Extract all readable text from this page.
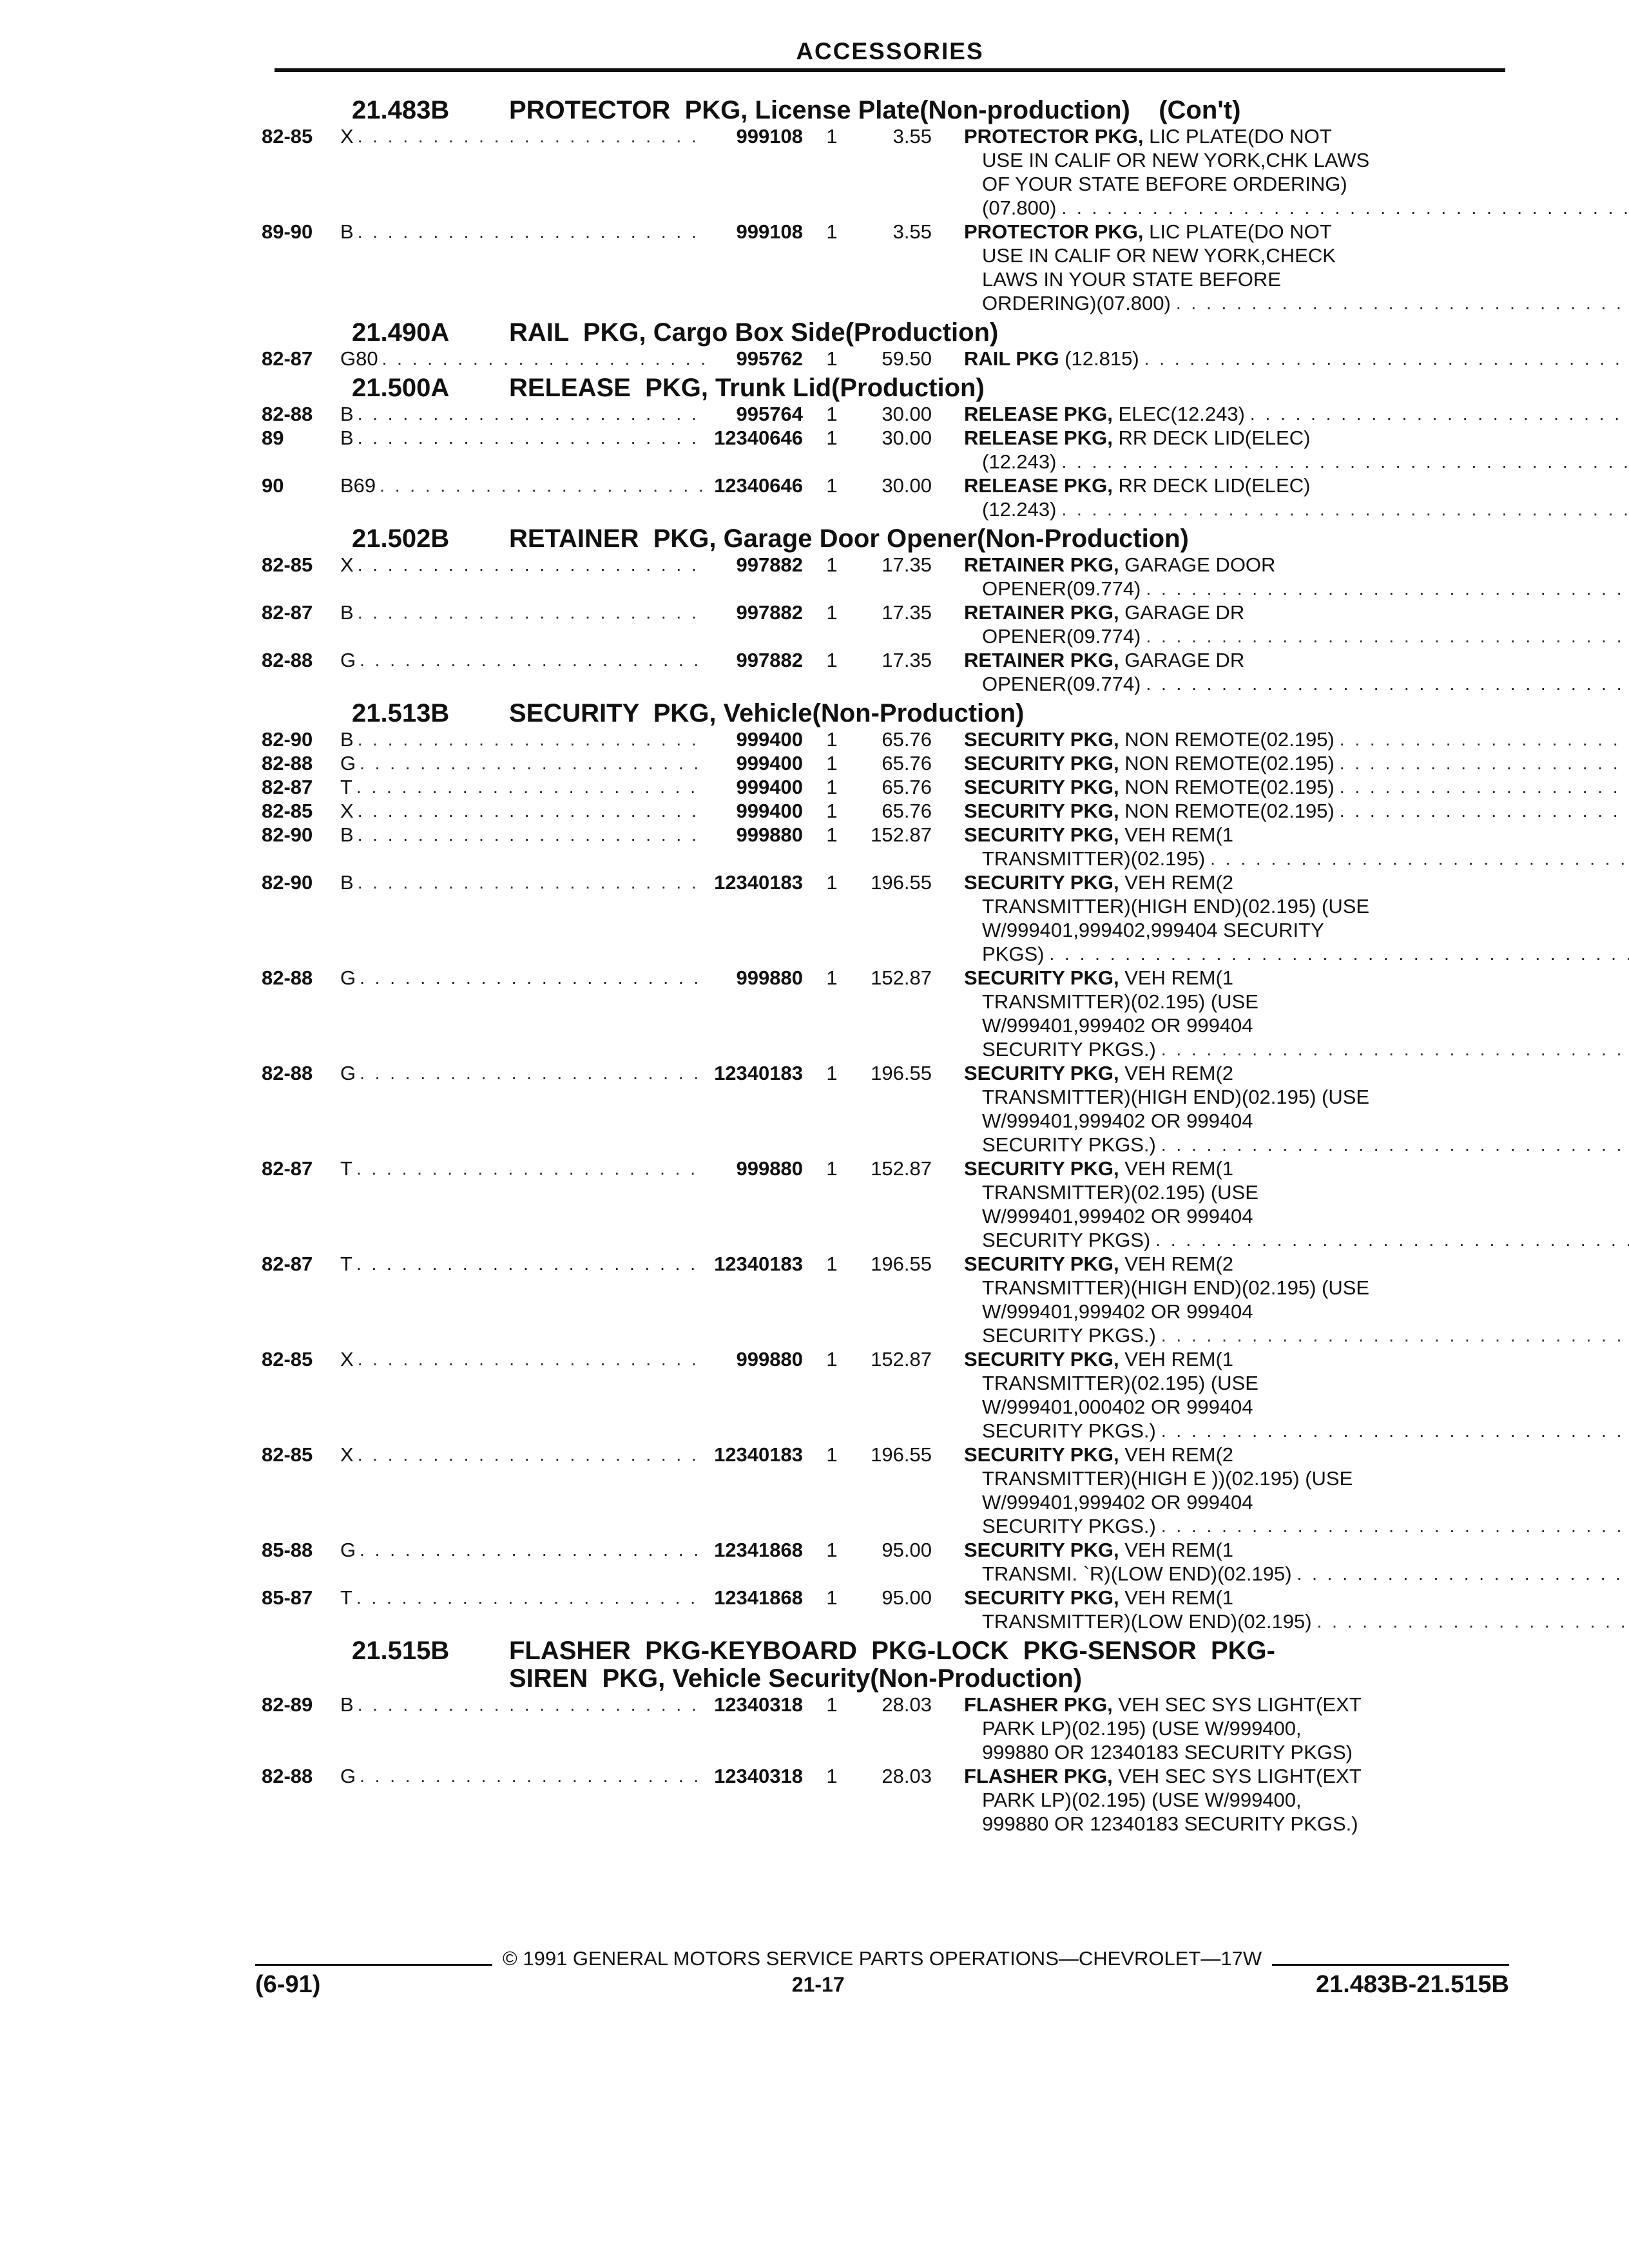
ACCESSORIES
21.483B	PROTECTOR  PKG, License Plate(Non-production)    (Con't)
82-85	X . . .	999108	1	3.55	PROTECTOR PKG, LIC PLATE(DO NOT
USE IN CALIF OR NEW YORK,CHK LAWS
OF YOUR STATE BEFORE ORDERING)
(07.800)
. . .
89-90	B . . .	999108	1	3.55	PROTECTOR PKG, LIC PLATE(DO NOT
USE IN CALIF OR NEW YORK,CHECK
LAWS IN YOUR STATE BEFORE
ORDERING)(07.800)
. . .
21.490A	RAIL  PKG, Cargo Box Side(Production)
82-87	G80 . . .	995762	1	59.50	RAIL PKG (12.815)
. . .
21.500A	RELEASE  PKG, Trunk Lid(Production)
82-88	B . . .	995764	1	30.00	RELEASE PKG, ELEC(12.243)
. . .
89	B . . .	12340646	1	30.00	RELEASE PKG, RR DECK LID(ELEC)
(12.243)
. . .
90	B69 . . .	12340646	1	30.00	RELEASE PKG, RR DECK LID(ELEC)
(12.243)
. . .
21.502B	RETAINER  PKG, Garage Door Opener(Non-Production)
82-85	X . . .	997882	1	17.35	RETAINER PKG, GARAGE DOOR
OPENER(09.774)
. . .
82-87	B . . .	997882	1	17.35	RETAINER PKG, GARAGE DR
OPENER(09.774)
. . .
82-88	G . . .	997882	1	17.35	RETAINER PKG, GARAGE DR
OPENER(09.774)
. . .
21.513B	SECURITY  PKG, Vehicle(Non-Production)
82-90	B . . .	999400	1	65.76	SECURITY PKG, NON REMOTE(02.195)
. . .
82-88	G . . .	999400	1	65.76	SECURITY PKG, NON REMOTE(02.195)
. . .
82-87	T . . .	999400	1	65.76	SECURITY PKG, NON REMOTE(02.195)
. . .
82-85	X . . .	999400	1	65.76	SECURITY PKG, NON REMOTE(02.195)
. . .
82-90	B . . .	999880	1	152.87	SECURITY PKG, VEH REM(1
TRANSMITTER)(02.195)
. . .
82-90	B . . .	12340183	1	196.55	SECURITY PKG, VEH REM(2
TRANSMITTER)(HIGH END)(02.195) (USE
W/999401,999402,999404 SECURITY
PKGS)
. . .
82-88	G . . .	999880	1	152.87	SECURITY PKG, VEH REM(1
TRANSMITTER)(02.195) (USE
W/999401,999402 OR 999404
SECURITY PKGS.)
. . .
82-88	G . . .	12340183	1	196.55	SECURITY PKG, VEH REM(2
TRANSMITTER)(HIGH END)(02.195) (USE
W/999401,999402 OR 999404
SECURITY PKGS.)
. . .
82-87	T . . .	999880	1	152.87	SECURITY PKG, VEH REM(1
TRANSMITTER)(02.195) (USE
W/999401,999402 OR 999404
SECURITY PKGS)
. . .
82-87	T . . .	12340183	1	196.55	SECURITY PKG, VEH REM(2
TRANSMITTER)(HIGH END)(02.195) (USE
W/999401,999402 OR 999404
SECURITY PKGS.)
. . .
82-85	X . . .	999880	1	152.87	SECURITY PKG, VEH REM(1
TRANSMITTER)(02.195) (USE
W/999401,000402 OR 999404
SECURITY PKGS.)
. . .
82-85	X . . .	12340183	1	196.55	SECURITY PKG, VEH REM(2
TRANSMITTER)(HIGH E ))(02.195) (USE
W/999401,999402 OR 999404
SECURITY PKGS.)
. . .
85-88	G . . .	12341868	1	95.00	SECURITY PKG, VEH REM(1
TRANSMI. `R)(LOW END)(02.195)
. . .
85-87	T . . .	12341868	1	95.00	SECURITY PKG, VEH REM(1
TRANSMITTER)(LOW END)(02.195)
. . .
21.515B	FLASHER  PKG-KEYBOARD  PKG-LOCK  PKG-SENSOR  PKG-
SIREN  PKG, Vehicle Security(Non-Production)
82-89	B . . .	12340318	1	28.03	FLASHER PKG, VEH SEC SYS LIGHT(EXT
PARK LP)(02.195) (USE W/999400,
999880 OR 12340183 SECURITY PKGS)
82-88	G . . .	12340318	1	28.03	FLASHER PKG, VEH SEC SYS LIGHT(EXT
PARK LP)(02.195) (USE W/999400,
999880 OR 12340183 SECURITY PKGS.)
© 1991 GENERAL MOTORS SERVICE PARTS OPERATIONS—CHEVROLET—17W
(6-91)	21-17	21.483B-21.515B
